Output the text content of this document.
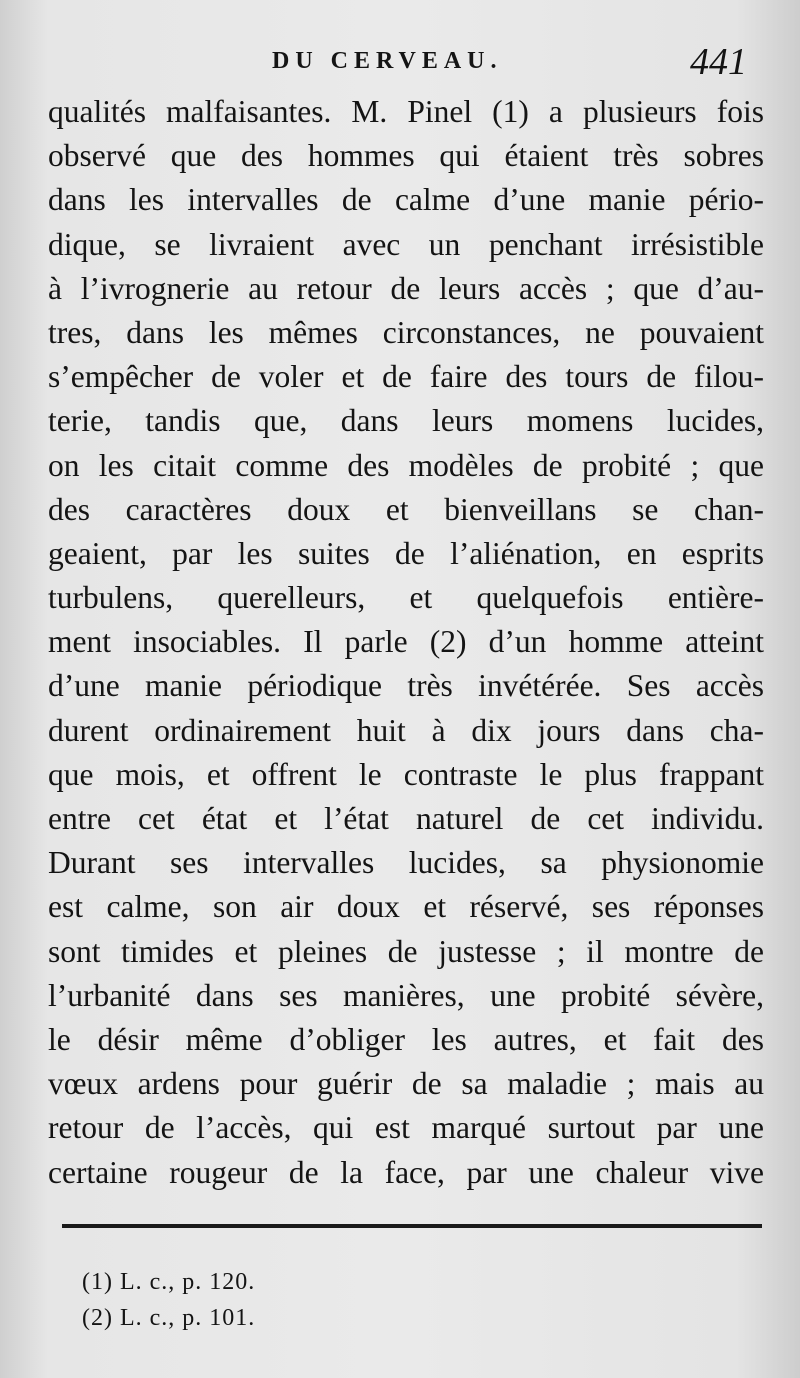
DU CERVEAU.	441
qualités malfaisantes. M. Pinel (1) a plusieurs fois
observé que des hommes qui étaient très sobres
dans les intervalles de calme d’une manie pério-
dique, se livraient avec un penchant irrésistible
à l’ivrognerie au retour de leurs accès ; que d’au-
tres, dans les mêmes circonstances, ne pouvaient
s’empêcher de voler et de faire des tours de filou-
terie, tandis que, dans leurs momens lucides,
on les citait comme des modèles de probité ; que
des caractères doux et bienveillans se chan-
geaient, par les suites de l’aliénation, en esprits
turbulens, querelleurs, et quelquefois entière-
ment insociables. Il parle (2) d’un homme atteint
d’une manie périodique très invétérée. Ses accès
durent ordinairement huit à dix jours dans cha-
que mois, et offrent le contraste le plus frappant
entre cet état et l’état naturel de cet individu.
Durant ses intervalles lucides, sa physionomie
est calme, son air doux et réservé, ses réponses
sont timides et pleines de justesse ; il montre de
l’urbanité dans ses manières, une probité sévère,
le désir même d’obliger les autres, et fait des
vœux ardens pour guérir de sa maladie ; mais au
retour de l’accès, qui est marqué surtout par une
certaine rougeur de la face, par une chaleur vive
(1) L. c., p. 120.
(2) L. c., p. 101.
